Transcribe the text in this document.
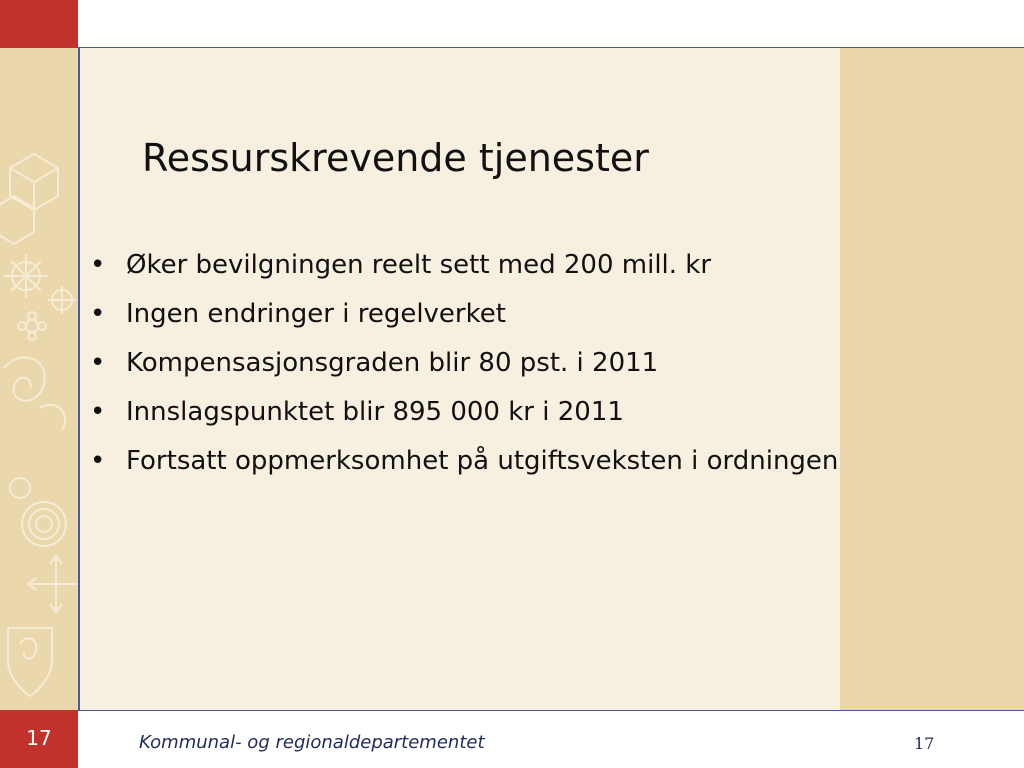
Ressurskrevende tjenester
• Øker bevilgningen reelt sett med 200 mill. kr
• Ingen endringer i regelverket
• Kompensasjonsgraden blir 80 pst. i 2011
• Innslagspunktet blir 895 000 kr i 2011
• Fortsatt oppmerksomhet på utgiftsveksten i ordningen
17	Kommunal- og regionaldepartementet	17
